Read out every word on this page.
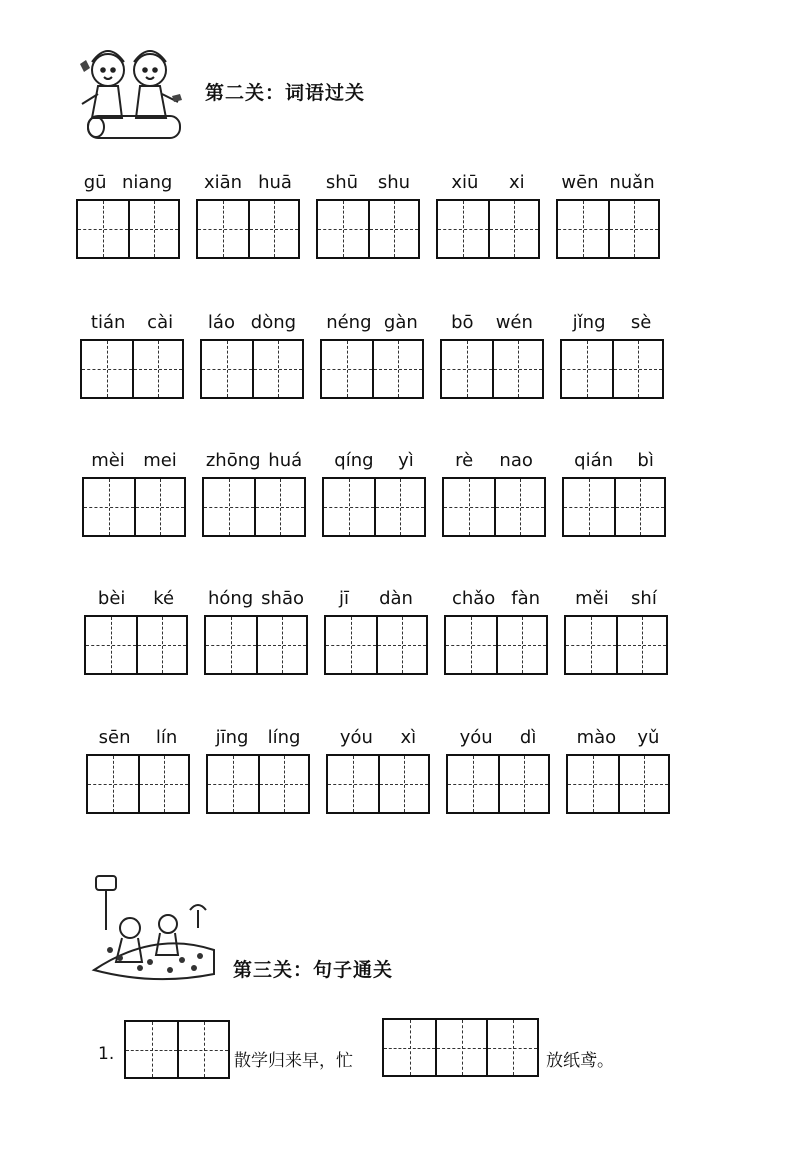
第二关：词语过关
gū niang xiān huā shū shu xiū xi wēn nuǎn
tián cài láo dòng néng gàn bō wén jǐng sè
mèi mei zhōng huá qíng yì rè nao qián bì
bèi ké hóng shāo jī dàn chǎo fàn měi shí
sēn lín jīng líng yóu xì yóu dì mào yǔ
第三关：句子通关
1.	散学归来早，忙	放纸鸢。
